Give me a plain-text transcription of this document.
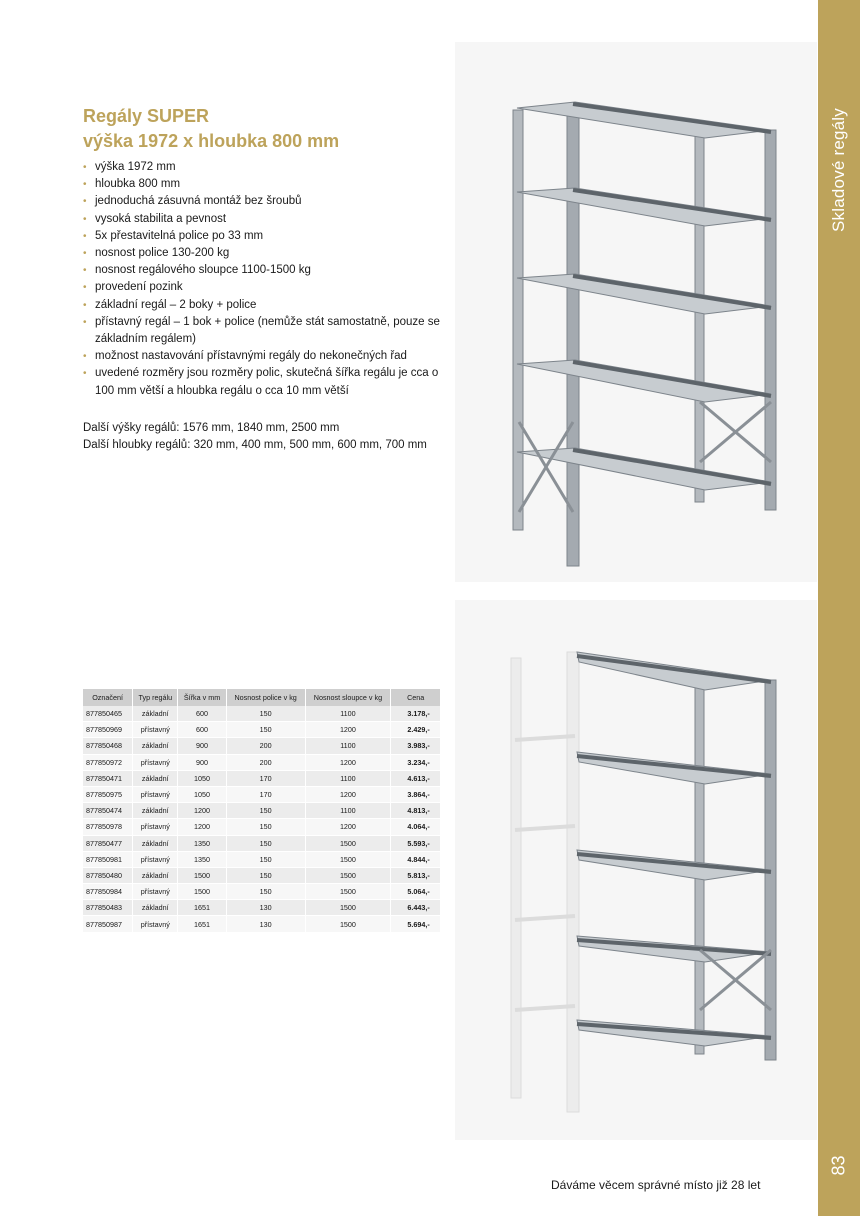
Skladové regály
83
Regály SUPER
výška 1972 x hloubka 800 mm
• výška 1972 mm
• hloubka 800 mm
• jednoduchá zásuvná montáž bez šroubů
• vysoká stabilita a pevnost
• 5x přestavitelná police po 33 mm
• nosnost police 130-200 kg
• nosnost regálového sloupce 1100-1500 kg
• provedení pozink
• základní regál – 2 boky + police
• přístavný regál – 1 bok + police (nemůže stát samostatně, pouze se základním regálem)
• možnost nastavování přístavnými regály do nekonečných řad
• uvedené rozměry jsou rozměry polic, skutečná šířka regálu je cca o 100 mm větší a hloubka regálu o cca 10 mm větší
Další výšky regálů: 1576 mm, 1840 mm, 2500 mm
Další hloubky regálů: 320 mm, 400 mm, 500 mm, 600 mm, 700 mm
Označení	Typ regálu	Šířka v mm	Nosnost police v kg	Nosnost sloupce v kg	Cena
877850465	základní	600	150	1100	3.178,-
877850969	přístavný	600	150	1200	2.429,-
877850468	základní	900	200	1100	3.983,-
877850972	přístavný	900	200	1200	3.234,-
877850471	základní	1050	170	1100	4.613,-
877850975	přístavný	1050	170	1200	3.864,-
877850474	základní	1200	150	1100	4.813,-
877850978	přístavný	1200	150	1200	4.064,-
877850477	základní	1350	150	1500	5.593,-
877850981	přístavný	1350	150	1500	4.844,-
877850480	základní	1500	150	1500	5.813,-
877850984	přístavný	1500	150	1500	5.064,-
877850483	základní	1651	130	1500	6.443,-
877850987	přístavný	1651	130	1500	5.694,-
Dáváme věcem správné místo již 28 let
